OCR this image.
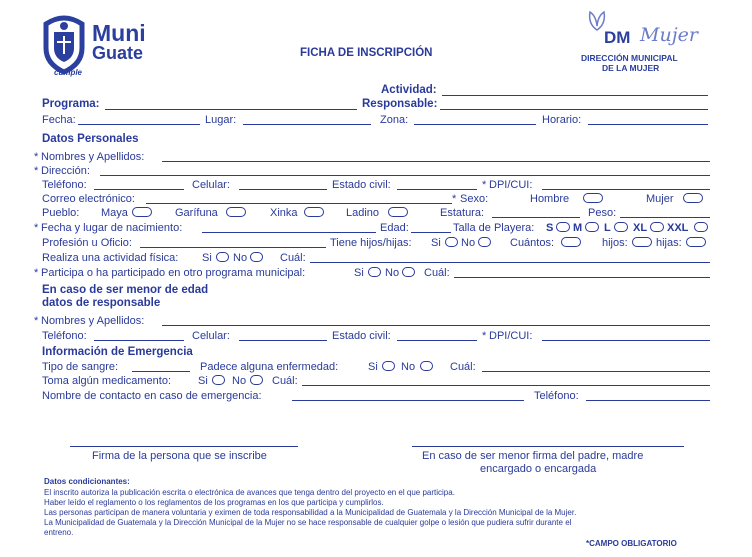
Muni
Guate
cumple
FICHA DE INSCRIPCIÓN
DM Mujer
DIRECCIÓN MUNICIPAL
DE LA MUJER
Actividad:
Programa:	Responsable:
Fecha:	Lugar:	Zona:	Horario:
Datos Personales
* Nombres y Apellidos:
* Dirección:
Teléfono:	Celular:	Estado civil:	* DPI/CUI:
Correo electrónico:	* Sexo:	Hombre	Mujer
Pueblo: Maya	Garífuna	Xinka	Ladino	Estatura:	Peso:
* Fecha y lugar de nacimiento:	Edad:	Talla de Playera: S M L XL XXL
Profesión u Oficio:	Tiene hijos/hijas: Si No	Cuántos:	hijos:	hijas:
Realiza una actividad física: Si No	Cuál:
* Participa o ha participado en otro programa municipal:	Si No Cuál:
En caso de ser menor de edad
datos de responsable
* Nombres y Apellidos:
Teléfono:	Celular:	Estado civil:	* DPI/CUI:
Información de Emergencia
Tipo de sangre:	Padece alguna enfermedad:	Si No	Cuál:
Toma algún medicamento: Si No Cuál:
Nombre de contacto en caso de emergencia:	Teléfono:
Firma de la persona que se inscribe	En caso de ser menor firma del padre, madre
encargado o encargada
Datos condicionantes:
El inscrito autoriza la publicación escrita o electrónica de avances que tenga dentro del proyecto en el que participa.
Haber leído el reglamento o los reglamentos de los programas en los que participa y cumplirlos.
Las personas participan de manera voluntaria y eximen de toda responsabilidad a la Municipalidad de Guatemala y la Dirección Municipal de la Mujer.
La Municipalidad de Guatemala y la Dirección Municipal de la Mujer no se hace responsable de cualquier golpe o lesión que pudiera sufrir durante el
entreno.
*CAMPO OBLIGATORIO
